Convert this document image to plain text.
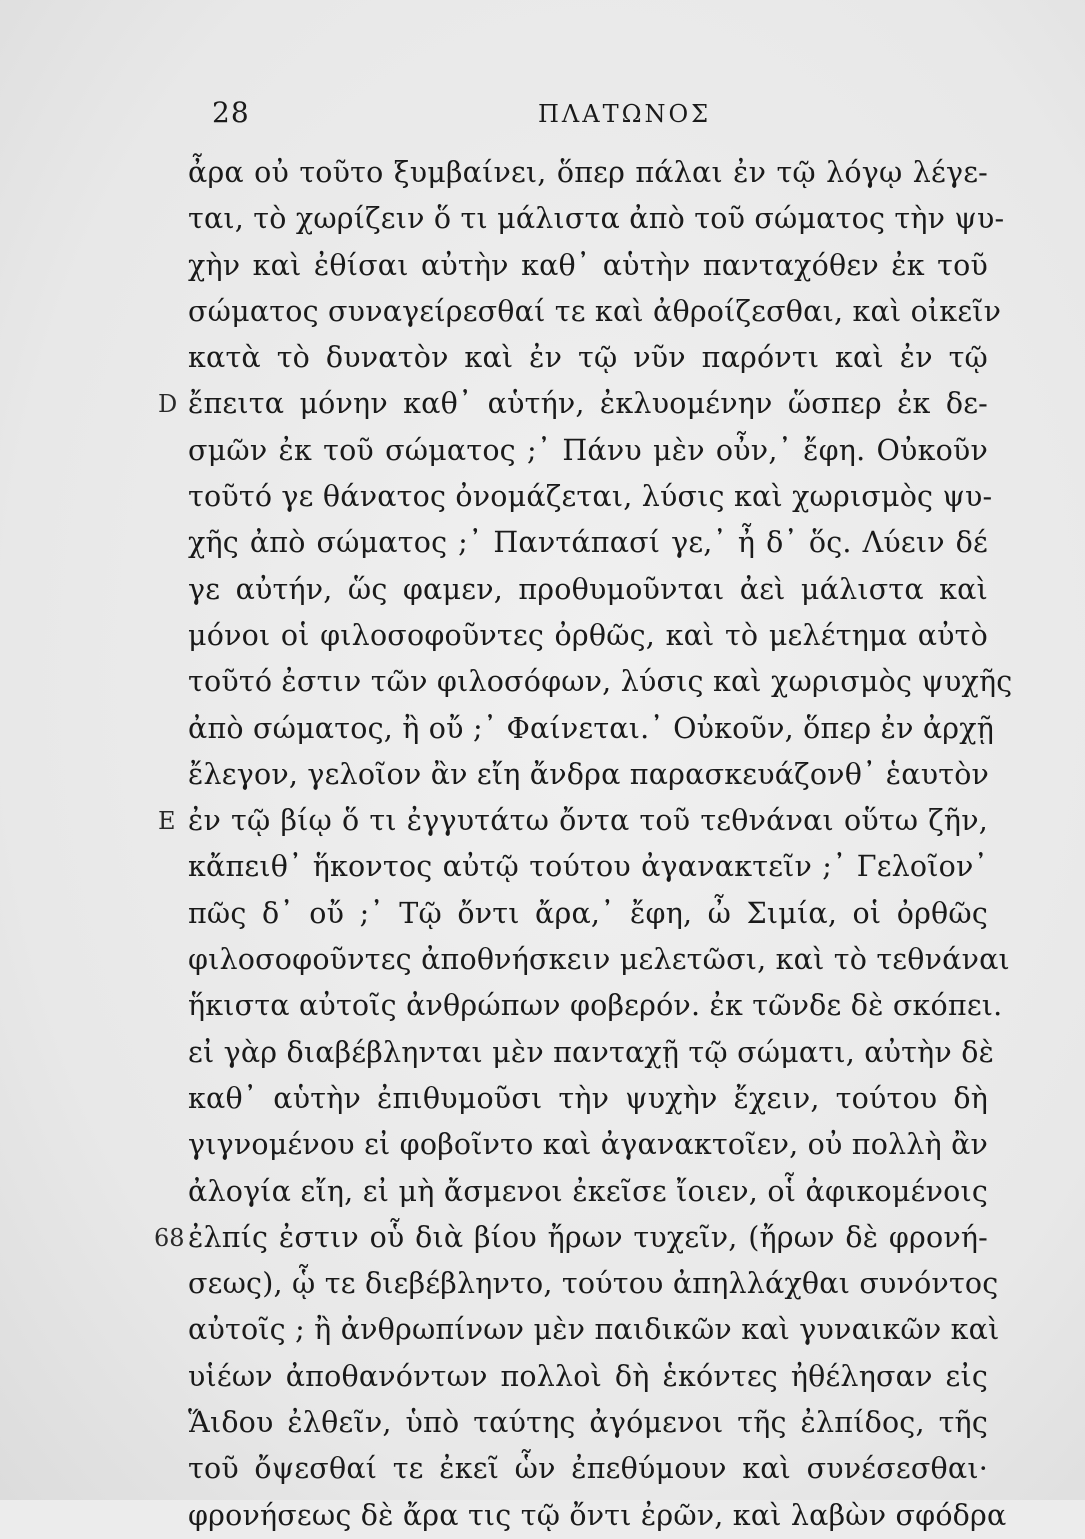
28	ΠΛΑΤΩΝΟΣ
ἆρα οὐ τοῦτο ξυμβαίνει, ὅπερ πάλαι ἐν τῷ λόγῳ λέγε-
ται, τὸ χωρίζειν ὅ τι μάλιστα ἀπὸ τοῦ σώματος τὴν ψυ-
χὴν καὶ ἐθίσαι αὐτὴν καθ᾽ αὑτὴν πανταχόθεν ἐκ τοῦ
σώματος συναγείρεσθαί τε καὶ ἀθροίζεσθαι, καὶ οἰκεῖν
κατὰ τὸ δυνατὸν καὶ ἐν τῷ νῦν παρόντι καὶ ἐν τῷ
D ἔπειτα μόνην καθ᾽ αὑτήν, ἐκλυομένην ὥσπερ ἐκ δε-
σμῶν ἐκ τοῦ σώματος ;᾽ Πάνυ μὲν οὖν,᾽ ἔφη. Οὐκοῦν
τοῦτό γε θάνατος ὀνομάζεται, λύσις καὶ χωρισμὸς ψυ-
χῆς ἀπὸ σώματος ;᾽ Παντάπασί γε,᾽ ἦ δ᾽ ὅς. Λύειν δέ
γε αὐτήν, ὥς φαμεν, προθυμοῦνται ἀεὶ μάλιστα καὶ
μόνοι οἱ φιλοσοφοῦντες ὀρθῶς, καὶ τὸ μελέτημα αὐτὸ
τοῦτό ἐστιν τῶν φιλοσόφων, λύσις καὶ χωρισμὸς ψυχῆς
ἀπὸ σώματος, ἢ οὔ ;᾽ Φαίνεται.᾽ Οὐκοῦν, ὅπερ ἐν ἀρχῇ
ἔλεγον, γελοῖον ἂν εἴη ἄνδρα παρασκευάζονθ᾽ ἑαυτὸν
E ἐν τῷ βίῳ ὅ τι ἐγγυτάτω ὄντα τοῦ τεθνάναι οὕτω ζῆν,
κἄπειθ᾽ ἥκοντος αὐτῷ τούτου ἀγανακτεῖν ;᾽ Γελοῖον᾽
πῶς δ᾽ οὔ ;᾽ Τῷ ὄντι ἄρα,᾽ ἔφη, ὦ Σιμία, οἱ ὀρθῶς
φιλοσοφοῦντες ἀποθνήσκειν μελετῶσι, καὶ τὸ τεθνάναι
ἥκιστα αὐτοῖς ἀνθρώπων φοβερόν. ἐκ τῶνδε δὲ σκόπει.
εἰ γὰρ διαβέβληνται μὲν πανταχῇ τῷ σώματι, αὐτὴν δὲ
καθ᾽ αὑτὴν ἐπιθυμοῦσι τὴν ψυχὴν ἔχειν, τούτου δὴ
γιγνομένου εἰ φοβοῖντο καὶ ἀγανακτοῖεν, οὐ πολλὴ ἂν
ἀλογία εἴη, εἰ μὴ ἄσμενοι ἐκεῖσε ἴοιεν, οἷ ἀφικομένοις
68 ἐλπίς ἐστιν οὗ διὰ βίου ἤρων τυχεῖν, (ἤρων δὲ φρονή-
σεως), ᾧ τε διεβέβληντο, τούτου ἀπηλλάχθαι συνόντος
αὐτοῖς ; ἢ ἀνθρωπίνων μὲν παιδικῶν καὶ γυναικῶν καὶ
υἱέων ἀποθανόντων πολλοὶ δὴ ἑκόντες ἠθέλησαν εἰς
Ἅιδου ἐλθεῖν, ὑπὸ ταύτης ἀγόμενοι τῆς ἐλπίδος, τῆς
τοῦ ὄψεσθαί τε ἐκεῖ ὧν ἐπεθύμουν καὶ συνέσεσθαι·
φρονήσεως δὲ ἄρα τις τῷ ὄντι ἐρῶν, καὶ λαβὼν σφόδρα
